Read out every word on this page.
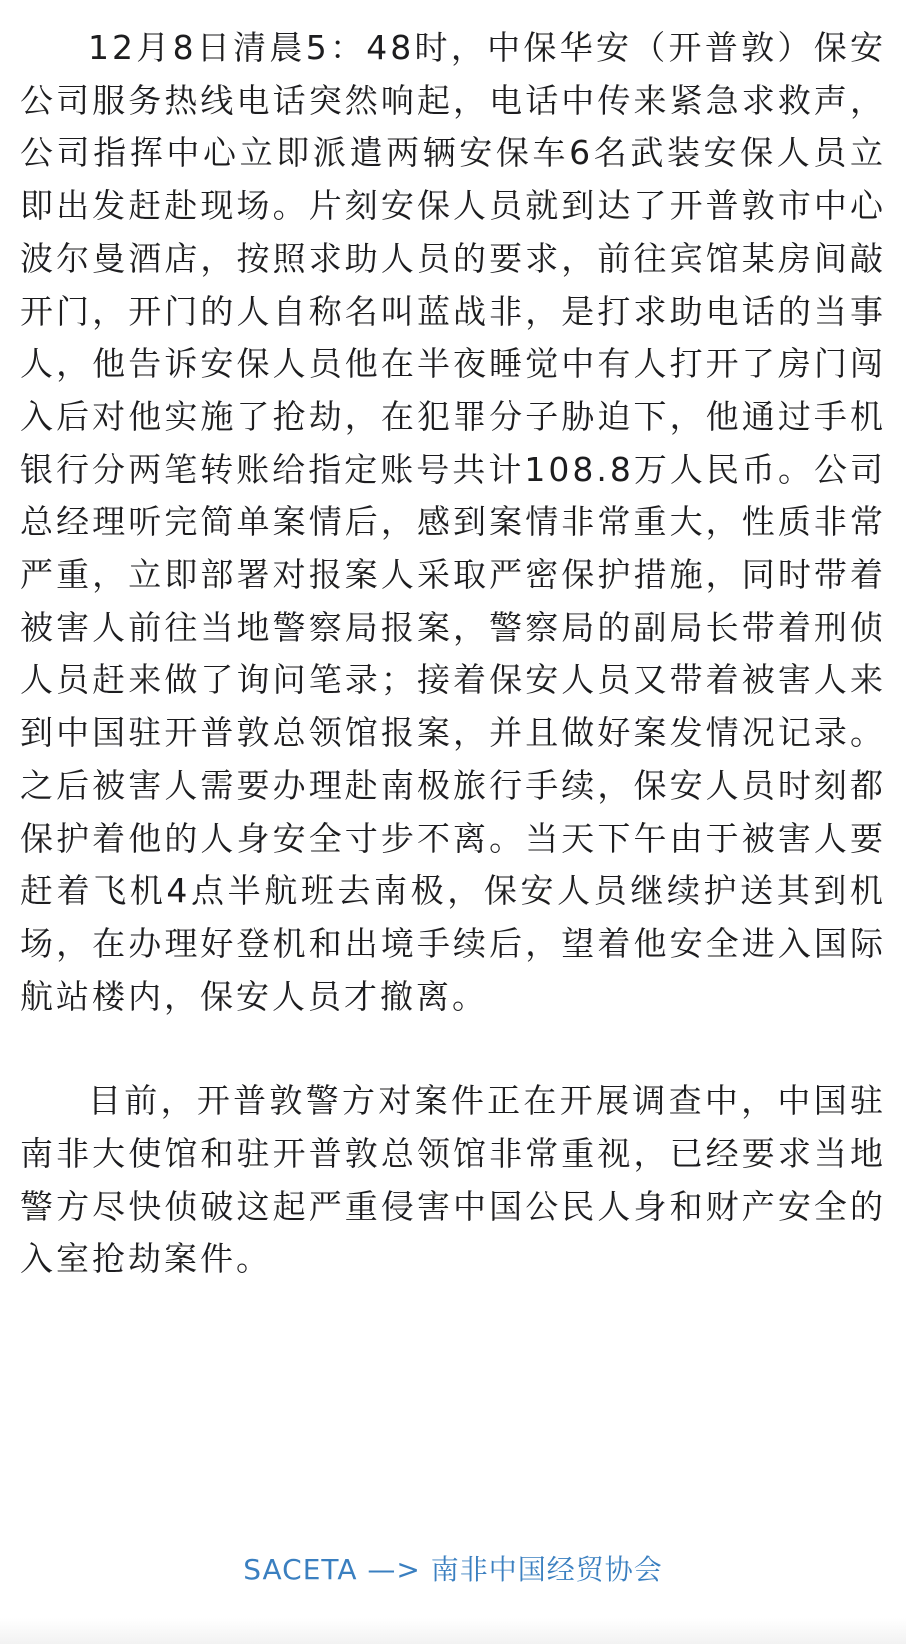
12月8日清晨5：48时，中保华安（开普敦）保安公司服务热线电话突然响起，电话中传来紧急求救声，公司指挥中心立即派遣两辆安保车6名武装安保人员立即出发赶赴现场。片刻安保人员就到达了开普敦市中心波尔曼酒店，按照求助人员的要求，前往宾馆某房间敲开门，开门的人自称名叫蓝战非，是打求助电话的当事人，他告诉安保人员他在半夜睡觉中有人打开了房门闯入后对他实施了抢劫，在犯罪分子胁迫下，他通过手机银行分两笔转账给指定账号共计108.8万人民币。公司总经理听完简单案情后，感到案情非常重大，性质非常严重，立即部署对报案人采取严密保护措施，同时带着被害人前往当地警察局报案，警察局的副局长带着刑侦人员赶来做了询问笔录；接着保安人员又带着被害人来到中国驻开普敦总领馆报案，并且做好案发情况记录。之后被害人需要办理赴南极旅行手续，保安人员时刻都保护着他的人身安全寸步不离。当天下午由于被害人要赶着飞机4点半航班去南极，保安人员继续护送其到机场，在办理好登机和出境手续后，望着他安全进入国际航站楼内，保安人员才撤离。

目前，开普敦警方对案件正在开展调查中，中国驻南非大使馆和驻开普敦总领馆非常重视，已经要求当地警方尽快侦破这起严重侵害中国公民人身和财产安全的入室抢劫案件。

SACETA —> 南非中国经贸协会
